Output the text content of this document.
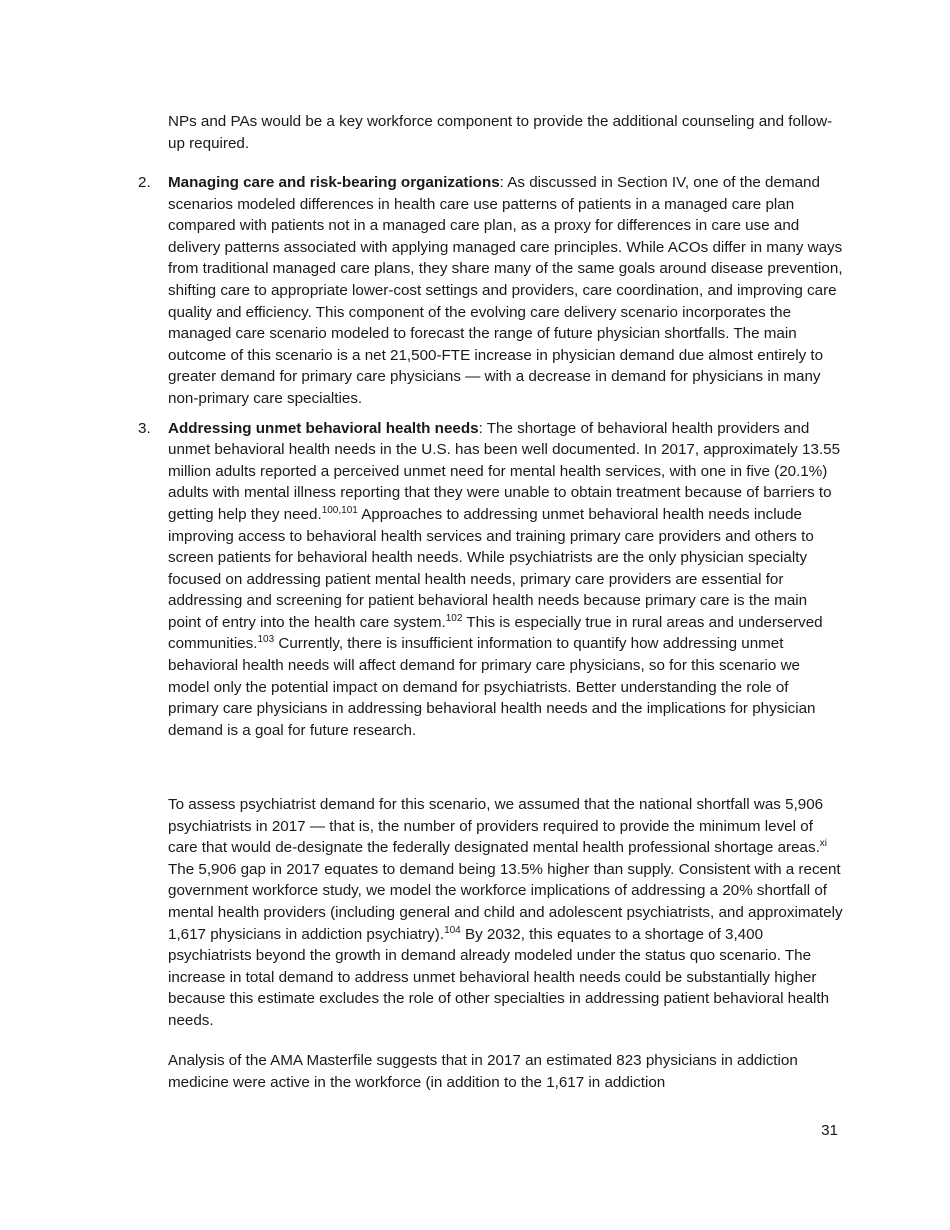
NPs and PAs would be a key workforce component to provide the additional counseling and follow-up required.

2. Managing care and risk-bearing organizations: As discussed in Section IV, one of the demand scenarios modeled differences in health care use patterns of patients in a managed care plan compared with patients not in a managed care plan, as a proxy for differences in care use and delivery patterns associated with applying managed care principles. While ACOs differ in many ways from traditional managed care plans, they share many of the same goals around disease prevention, shifting care to appropriate lower-cost settings and providers, care coordination, and improving care quality and efficiency. This component of the evolving care delivery scenario incorporates the managed care scenario modeled to forecast the range of future physician shortfalls. The main outcome of this scenario is a net 21,500-FTE increase in physician demand due almost entirely to greater demand for primary care physicians — with a decrease in demand for physicians in many non-primary care specialties.
3. Addressing unmet behavioral health needs: The shortage of behavioral health providers and unmet behavioral health needs in the U.S. has been well documented. In 2017, approximately 13.55 million adults reported a perceived unmet need for mental health services, with one in five (20.1%) adults with mental illness reporting that they were unable to obtain treatment because of barriers to getting help they need.$^{100,101}$ Approaches to addressing unmet behavioral health needs include improving access to behavioral health services and training primary care providers and others to screen patients for behavioral health needs. While psychiatrists are the only physician specialty focused on addressing patient mental health needs, primary care providers are essential for addressing and screening for patient behavioral health needs because primary care is the main point of entry into the health care system.$^{102}$ This is especially true in rural areas and underserved communities.$^{103}$ Currently, there is insufficient information to quantify how addressing unmet behavioral health needs will affect demand for primary care physicians, so for this scenario we model only the potential impact on demand for psychiatrists. Better understanding the role of primary care physicians in addressing behavioral health needs and the implications for physician demand is a goal for future research.

To assess psychiatrist demand for this scenario, we assumed that the national shortfall was 5,906 psychiatrists in 2017 — that is, the number of providers required to provide the minimum level of care that would de-designate the federally designated mental health professional shortage areas.$^{xi}$ The 5,906 gap in 2017 equates to demand being 13.5% higher than supply. Consistent with a recent government workforce study, we model the workforce implications of addressing a 20% shortfall of mental health providers (including general and child and adolescent psychiatrists, and approximately 1,617 physicians in addiction psychiatry).$^{104}$ By 2032, this equates to a shortage of 3,400 psychiatrists beyond the growth in demand already modeled under the status quo scenario. The increase in total demand to address unmet behavioral health needs could be substantially higher because this estimate excludes the role of other specialties in addressing patient behavioral health needs.

Analysis of the AMA Masterfile suggests that in 2017 an estimated 823 physicians in addiction medicine were active in the workforce (in addition to the 1,617 in addiction

31
